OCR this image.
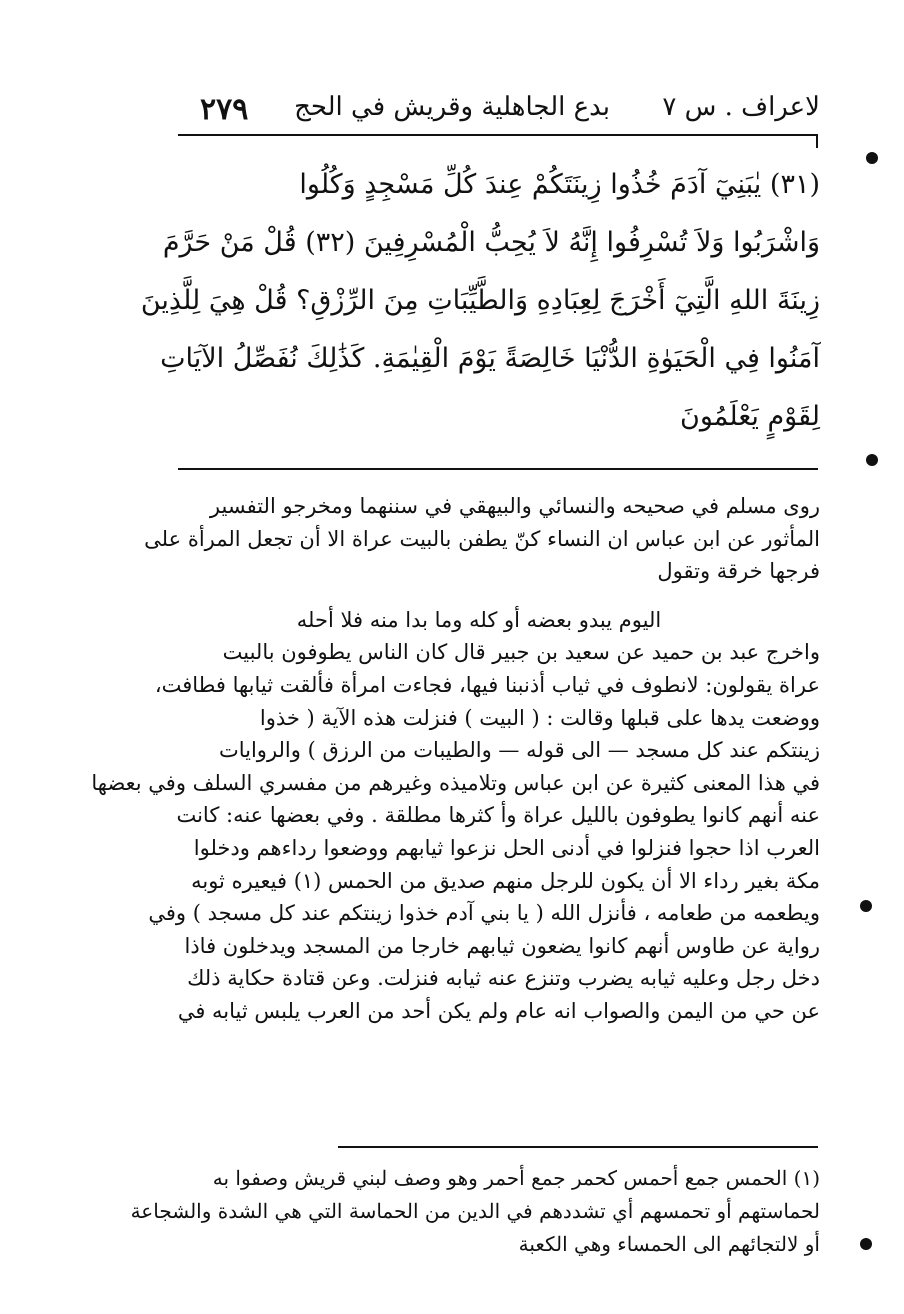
لاعراف . س ٧
بدع الجاهلية وقريش في الحج
٢٧٩

(٣١) يٰبَنِيٓ آدَمَ خُذُوا زِينَتَكُمْ عِندَ كُلِّ مَسْجِدٍ وَكُلُوا

وَاشْرَبُوا وَلاَ تُسْرِفُوا إِنَّهُ لاَ يُحِبُّ الْمُسْرِفِينَ (٣٢) قُلْ مَنْ حَرَّمَ

زِينَةَ اللهِ الَّتِيٓ أَخْرَجَ لِعِبَادِهِ وَالطَّيِّبَاتِ مِنَ الرِّزْقِ؟ قُلْ هِيَ لِلَّذِينَ

آمَنُوا فِي الْحَيَوٰةِ الدُّنْيَا خَالِصَةً يَوْمَ الْقِيٰمَةِ. كَذَٰلِكَ نُفَصِّلُ الآيَاتِ

لِقَوْمٍ يَعْلَمُونَ

روى مسلم في صحيحه والنسائي والبيهقي في سننهما ومخرجو التفسير

المأثور عن ابن عباس ان النساء كنّ يطفن بالبيت عراة الا أن تجعل المرأة على

فرجها خرقة وتقول

اليوم يبدو بعضه أو كله وما بدا منه فلا أحله

واخرج عبد بن حميد عن سعيد بن جبير قال كان الناس يطوفون بالبيت

عراة يقولون: لانطوف في ثياب أذنبنا فيها، فجاءت امرأة فألقت ثيابها فطافت،

ووضعت يدها على قبلها وقالت : ( البيت ) فنزلت هذه الآية ( خذوا

زينتكم عند كل مسجد — الى قوله — والطيبات من الرزق ) والروايات

في هذا المعنى كثيرة عن ابن عباس وتلاميذه وغيرهم من مفسري السلف وفي بعضها

عنه أنهم كانوا يطوفون بالليل عراة وأ كثرها مطلقة . وفي بعضها عنه: كانت

العرب اذا حجوا فنزلوا في أدنى الحل نزعوا ثيابهم ووضعوا رداءهم ودخلوا

مكة بغير رداء الا أن يكون للرجل منهم صديق من الحمس (١) فيعيره ثوبه

ويطعمه من طعامه ، فأنزل الله ( يا بني آدم خذوا زينتكم عند كل مسجد ) وفي

رواية عن طاوس أنهم كانوا يضعون ثيابهم خارجا من المسجد ويدخلون فاذا

دخل رجل وعليه ثيابه يضرب وتنزع عنه ثيابه فنزلت. وعن قتادة حكاية ذلك

عن حي من اليمن والصواب انه عام ولم يكن أحد من العرب يلبس ثيابه في

(١) الحمس جمع أحمس كحمر جمع أحمر وهو وصف لبني قريش وصفوا به

لحماستهم أو تحمسهم أي تشددهم في الدين من الحماسة التي هي الشدة والشجاعة

أو لالتجائهم الى الحمساء وهي الكعبة
